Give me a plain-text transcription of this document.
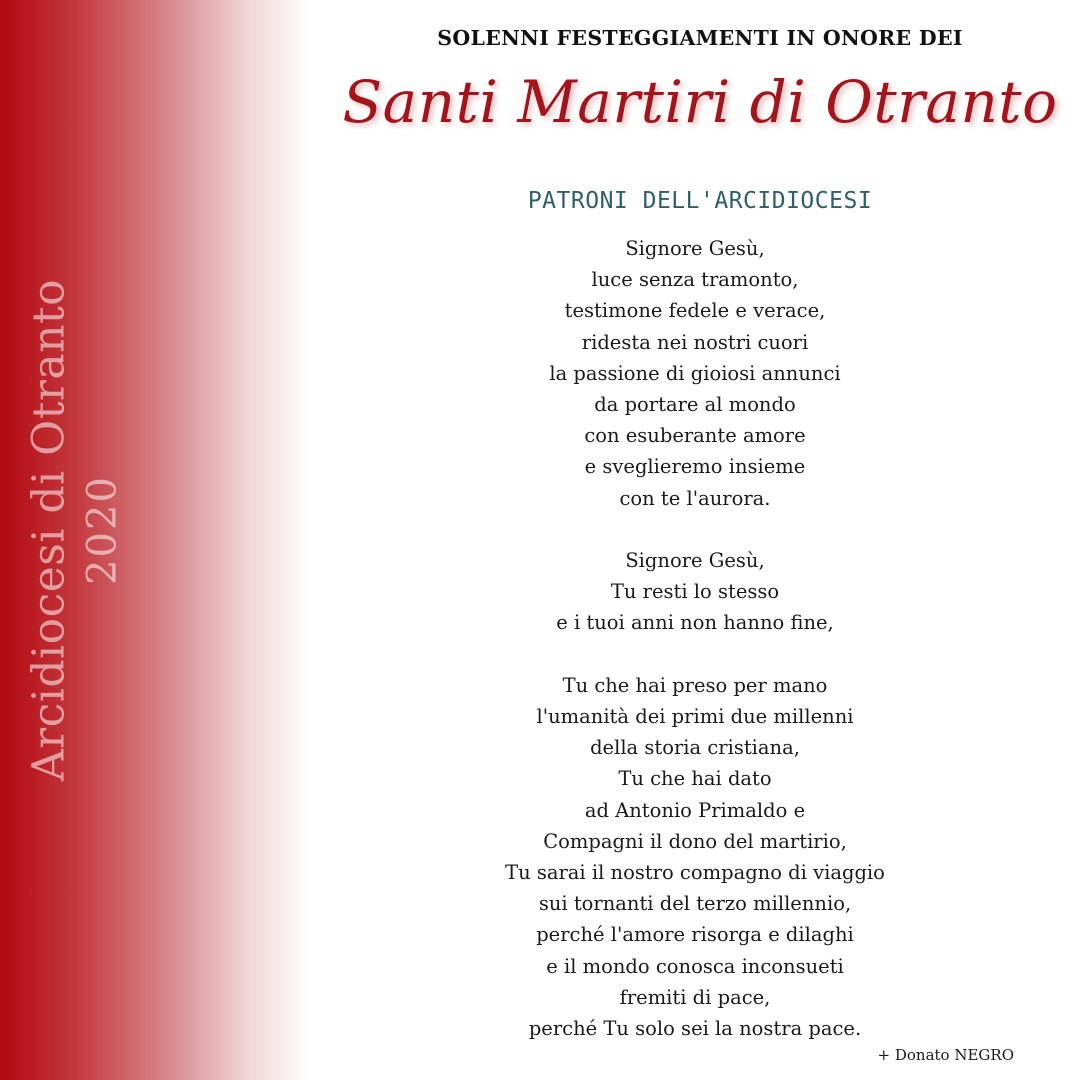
Arcidiocesi di Otranto 2020
SOLENNI FESTEGGIAMENTI IN ONORE DEI
Santi Martiri di Otranto
PATRONI DELL'ARCIDIOCESI
Signore Gesù,
luce senza tramonto,
testimone fedele e verace,
ridesta nei nostri cuori
la passione di gioiosi annunci
da portare al mondo
con esuberante amore
e sveglieremo insieme
con te l'aurora.
Signore Gesù,
Tu resti lo stesso
e i tuoi anni non hanno fine,
Tu che hai preso per mano
l'umanità dei primi due millenni
della storia cristiana,
Tu che hai dato
ad Antonio Primaldo e
Compagni il dono del martirio,
Tu sarai il nostro compagno di viaggio
sui tornanti del terzo millennio,
perché l'amore risorga e dilaghi
e il mondo conosca inconsueti
fremiti di pace,
perché Tu solo sei la nostra pace.
+ Donato NEGRO
